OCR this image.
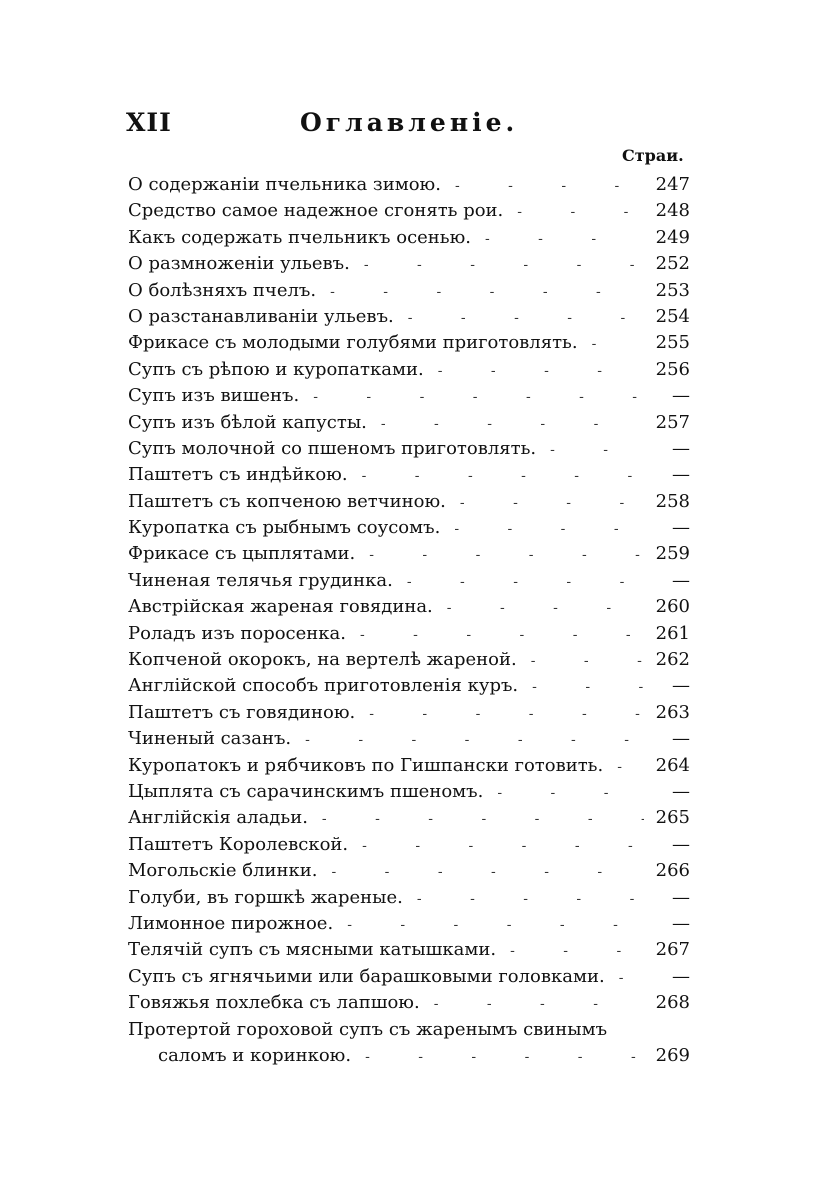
XII	Оглавленіе.
Страи.
О содержаніи пчельника зимою. - - -	247
Средство самое надежное сгонять рои. - - -	248
Какъ содержать пчельникъ осенью. - - -	249
О размноженіи ульевъ. - - -	252
О болѣзняхъ пчелъ. - - -	253
О разстанавливаніи ульевъ. - - -	254
Фрикасе съ молодыми голубями приготовлять. - - -	255
Супъ съ рѣпою и куропатками. - - -	256
Супъ изъ вишенъ. - - -	—
Супъ изъ бѣлой капусты. - - -	257
Супъ молочной со пшеномъ приготовлять. - - -	—
Паштетъ съ индѣйкою. - - -	—
Паштетъ съ копченою ветчиною. - - -	258
Куропатка съ рыбнымъ соусомъ. - - -	—
Фрикасе съ цыплятами. - - -	259
Чиненая телячья грудинка. - - -	—
Австрійская жареная говядина. - - -	260
Роладъ изъ поросенка. - - -	261
Копченой окорокъ, на вертелѣ жареной. - - -	262
Англійской способъ приготовленія куръ. - - -	—
Паштетъ съ говядиною. - - -	263
Чиненый сазанъ. - - -	—
Куропатокъ и рябчиковъ по Гишпански готовить. - - -	264
Цыплята съ сарачинскимъ пшеномъ. - - -	—
Англійскія аладьи. - - -	265
Паштетъ Королевской. - - -	—
Могольскіе блинки. - - -	266
Голуби, въ горшкѣ жареные. - - -	—
Лимонное пирожное. - - -	—
Телячій супъ съ мясными катышками. - - -	267
Супъ съ ягнячьими или барашковыми головками. - - -	—
Говяжья похлебка съ лапшою. - - -	268
Протертой гороховой супъ съ жаренымъ свинымъ
саломъ и коринкою. - - -	269
